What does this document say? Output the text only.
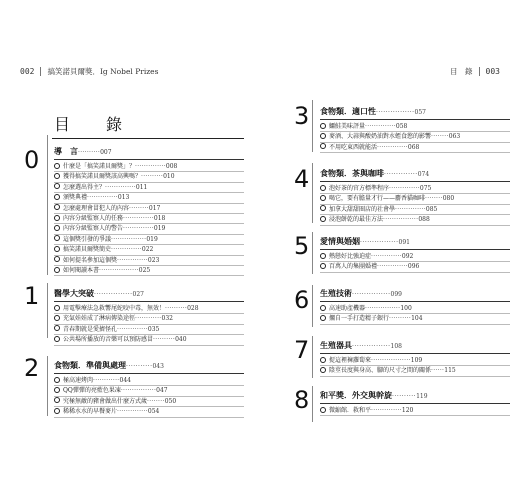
002 搞笑諾貝爾獎．Ig Nobel Prizes	目　錄 003
目　錄
0 導　言··········007
什麼是「搞笑諾貝爾獎」？··············008
獲得搞笑諾貝爾獎該高興嗎？··········010
怎麼選出得主？··············011
頒獎典禮··············013
怎麼處理會冒犯人的內容·········017
內容分級監察人的任務··············018
內容分級監察人的警告··············019
這個獎引發的爭議················019
搞笑諾貝爾獎簡史··············022
如何提名參加這個獎··············023
如何閱讀本書··················025
1 醫學大突破················027
用電擊療法急救響尾蛇咬中毒，無效！··········028
充氣娃娃成了淋病傳染途徑············032
青春期就是愛擠怪孔··············035
公共場所播放的音樂可以預防感冒··········040
2 食物類．準備與處理···········043
極高速烤肉············044
QQ彈彈的亮藍色果凍················047
究極無敵的豬會做出什麼方式歲········050
稀稀水水的早餐麥片··············054
3 食物類．適口性················057
鱷鮭美味評量··············058
麥酒、大蒜與酸奶油對水蛭食慾的影響········063
不用吃東西就能活··············068
4 食物類．茶與咖啡··············074
泡好茶的官方標準程序··············075
喝它，要有膽量才行——麝香貓咖啡········080
加拿大甜甜圈店的社會學··············085
浸泡餅乾的最佳方法················088
5 愛情與婚姻················091
熱戀好比強迫症··············092
百萬人的集團婚禮··············096
6 生殖技術················099
高速助產機器················100
擱自一手打造精子銀行··········104
7 生殖器具················108
捉這裡褲蘿蔔來··················109
陰莖長度與身高、腳的尺寸之間的關係······115
8 和平獎．外交與幹旋··········119
微縮館．救和平··············120
